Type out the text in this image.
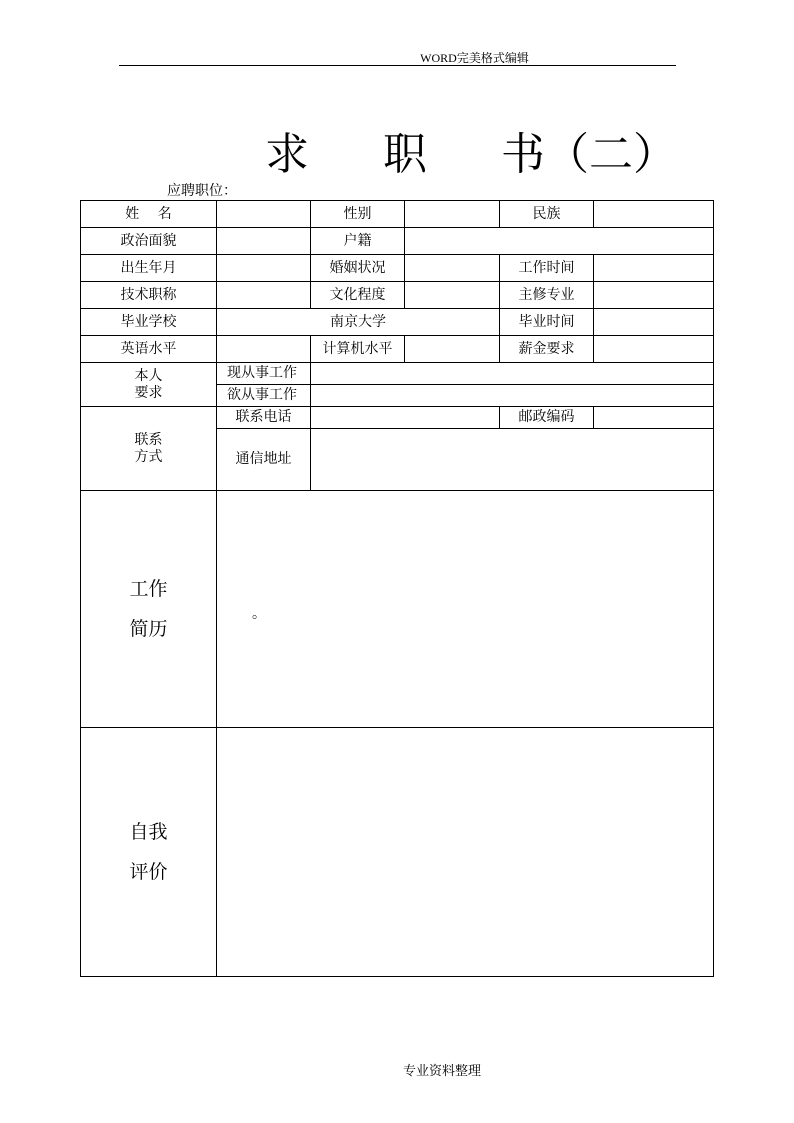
WORD完美格式编辑
求 职 书（二）
应聘职位：
姓　 名		性别		民族	
政治面貌		户籍			
出生年月		婚姻状况		工作时间	
技术职称		文化程度		主修专业	
毕业学校	南京大学			毕业时间	
英语水平		计算机水平		薪金要求	

本人
要求	现从事工作				
	欲从事工作				

联系
方式	联系电话			邮政编码	
	通信地址				

工作
简历					

自我
评价					

。
专业资料整理
